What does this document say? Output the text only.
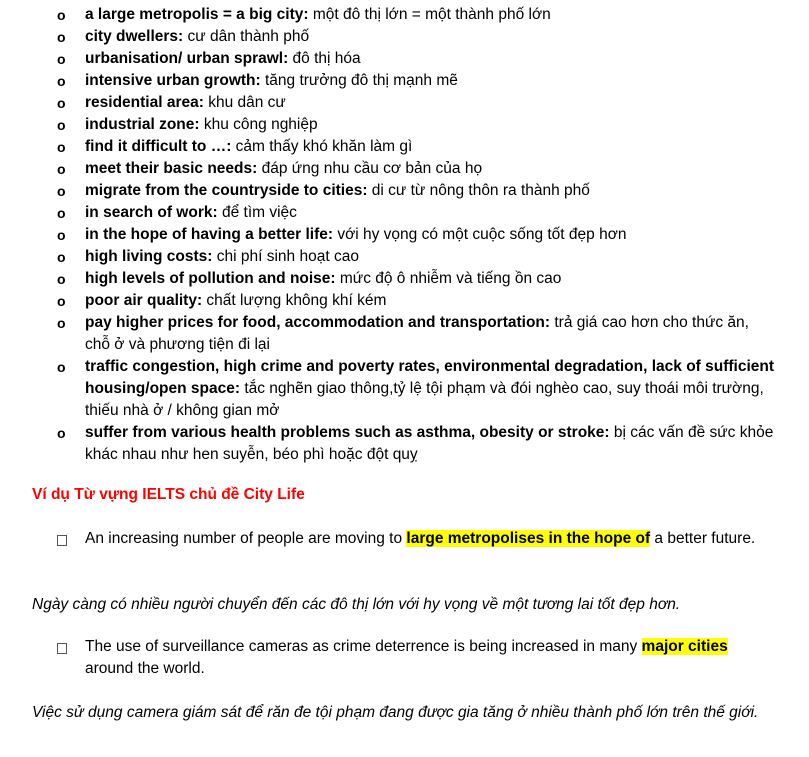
o	a large metropolis = a big city: một đô thị lớn = một thành phố lớn
o	city dwellers: cư dân thành phố
o	urbanisation/ urban sprawl: đô thị hóa
o	intensive urban growth: tăng trưởng đô thị mạnh mẽ
o	residential area: khu dân cư
o	industrial zone: khu công nghiệp
o	find it difficult to …: cảm thấy khó khăn làm gì
o	meet their basic needs: đáp ứng nhu cầu cơ bản của họ
o	migrate from the countryside to cities: di cư từ nông thôn ra thành phố
o	in search of work: để tìm việc
o	in the hope of having a better life: với hy vọng có một cuộc sống tốt đẹp hơn
o	high living costs: chi phí sinh hoạt cao
o	high levels of pollution and noise: mức độ ô nhiễm và tiếng ồn cao
o	poor air quality: chất lượng không khí kém
o	pay higher prices for food, accommodation and transportation: trả giá cao hơn cho thức ăn, chỗ ở và phương tiện đi lại
o	traffic congestion, high crime and poverty rates, environmental degradation, lack of sufficient housing/open space: tắc nghẽn giao thông,tỷ lệ tội phạm và đói nghèo cao, suy thoái môi trường, thiếu nhà ở / không gian mở
o	suffer from various health problems such as asthma, obesity or stroke: bị các vấn đề sức khỏe khác nhau như hen suyễn, béo phì hoặc đột quỵ
Ví dụ Từ vựng IELTS chủ đề City Life
An increasing number of people are moving to large metropolises in the hope of a better future.

Ngày càng có nhiều người chuyển đến các đô thị lớn với hy vọng về một tương lai tốt đẹp hơn.

The use of surveillance cameras as crime deterrence is being increased in many major cities around the world.

Việc sử dụng camera giám sát để răn đe tội phạm đang được gia tăng ở nhiều thành phố lớn trên thế giới.
